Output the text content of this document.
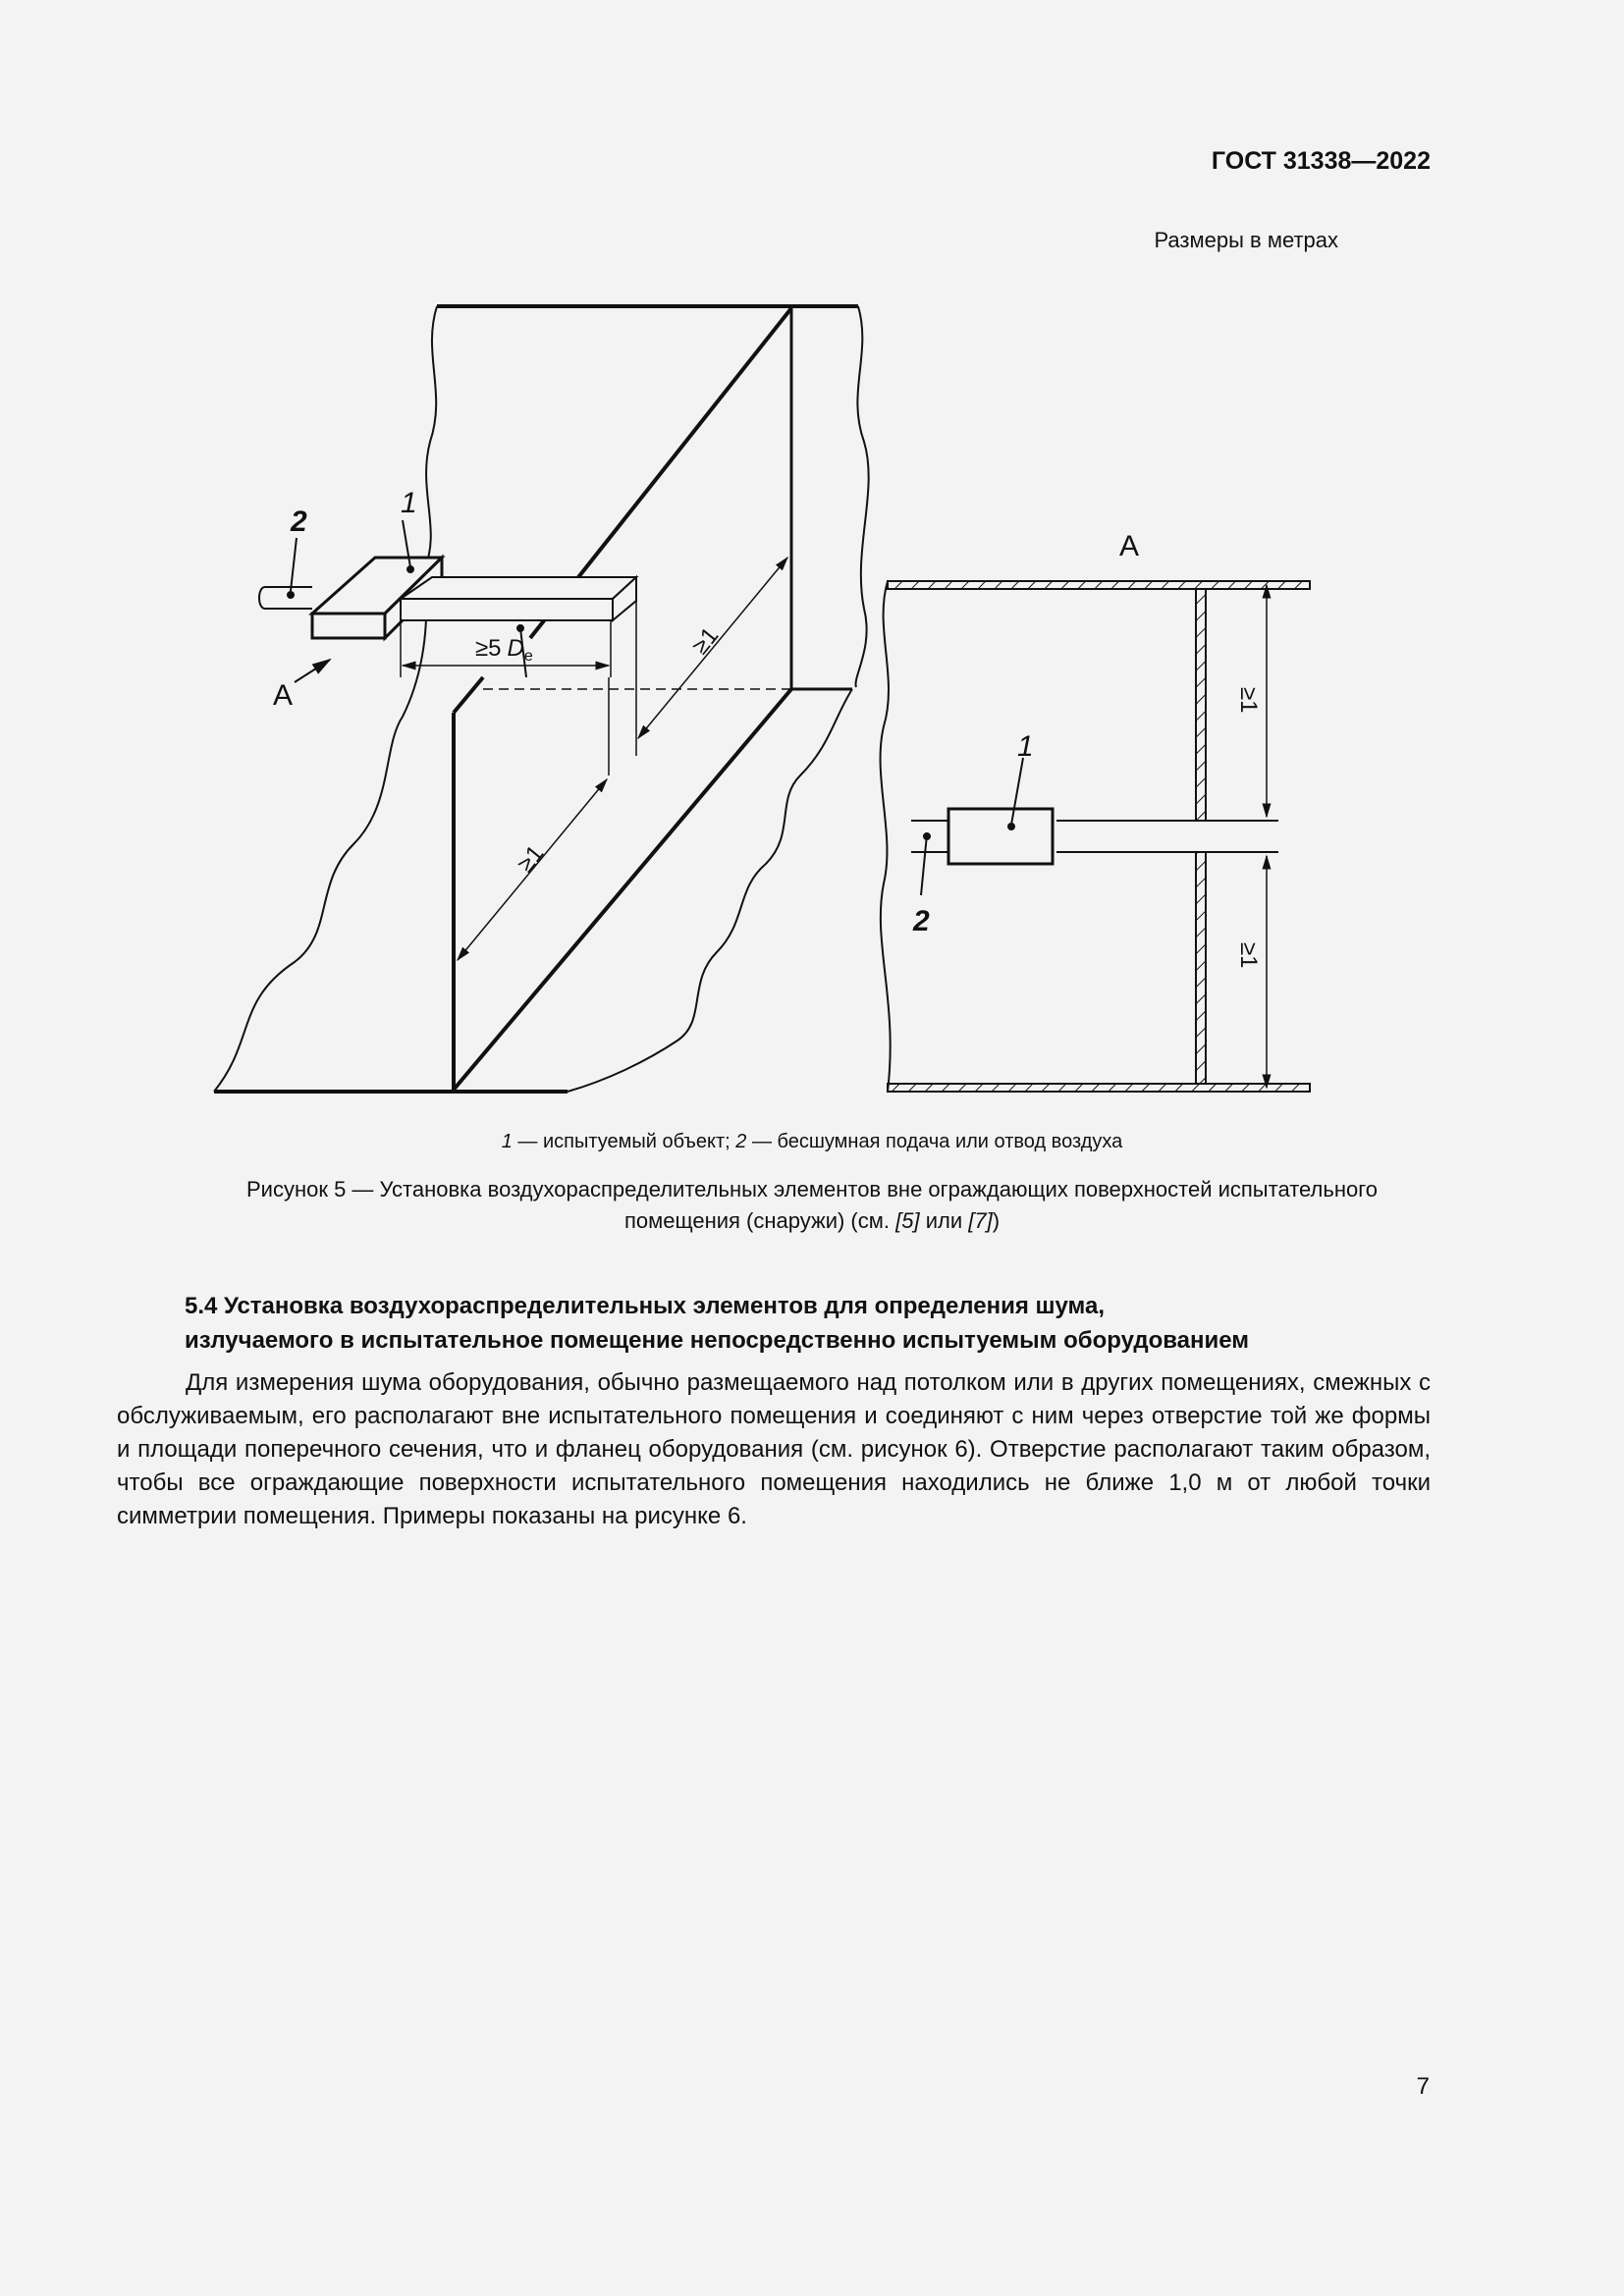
ГОСТ 31338—2022
Размеры в метрах
2
1
А
≥5 $D_e$	≥1
≥1
А
1
2
≥1
≥1
1 — испытуемый объект; 2 — бесшумная подача или отвод воздуха
Рисунок 5 — Установка воздухораспределительных элементов вне ограждающих поверхностей испытательного
помещения (снаружи) (см. [5] или [7])
5.4 Установка воздухораспределительных элементов для определения шума,
излучаемого в испытательное помещение непосредственно испытуемым оборудованием

Для измерения шума оборудования, обычно размещаемого над потолком или в других помещениях, смежных с обслуживаемым, его располагают вне испытательного помещения и соединяют с ним через отверстие той же формы и площади поперечного сечения, что и фланец оборудования (см. рисунок 6). Отверстие располагают таким образом, чтобы все ограждающие поверхности испытательного помещения находились не ближе 1,0 м от любой точки симметрии помещения. Примеры показаны на рисунке 6.

7
